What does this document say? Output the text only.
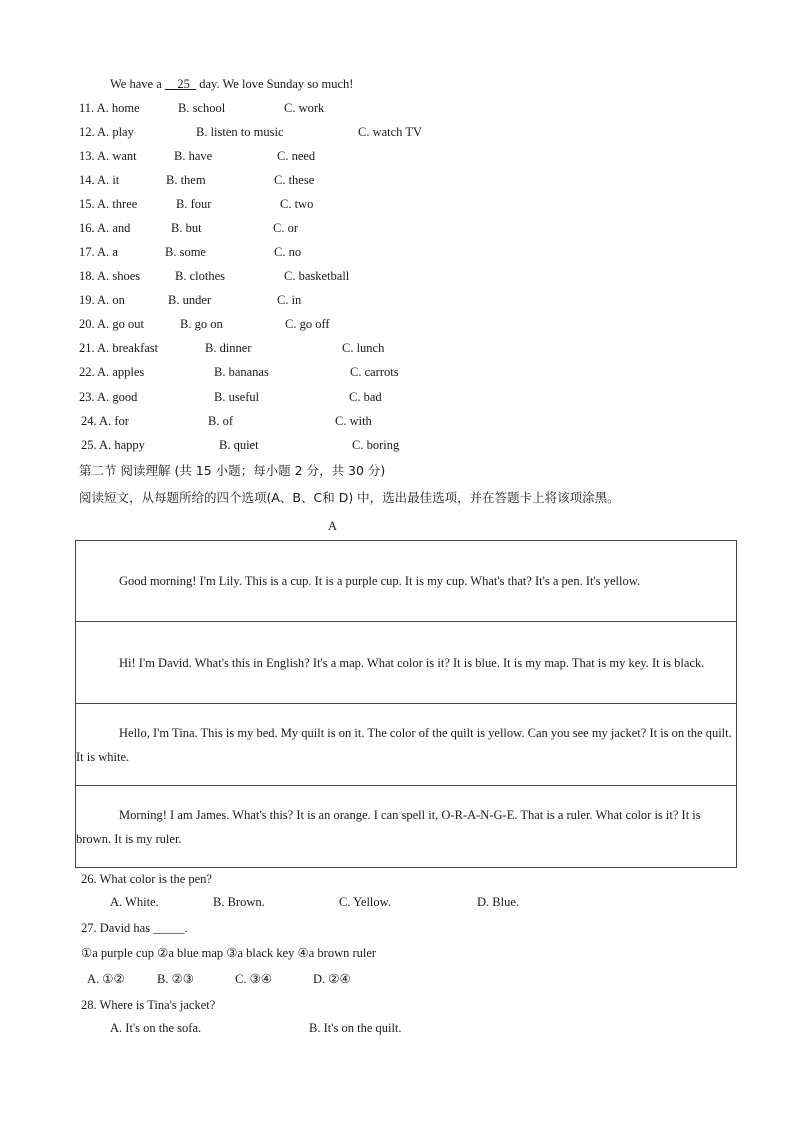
We have a __25_ day. We love Sunday so much!
11. A. home	B. school	C. work
12. A. play	B. listen to music	C. watch TV
13. A. want	B. have	C. need
14. A. it	B. them	C. these
15. A. three	B. four	C. two
16. A. and	B. but	C. or
17. A. a	B. some	C. no
18. A. shoes	B. clothes	C. basketball
19. A. on	B. under	C. in
20. A. go out	B. go on	C. go off
21. A. breakfast	B. dinner	C. lunch
22. A. apples	B. bananas	C. carrots
23. A. good	B. useful	C. bad
24. A. for	B. of	C. with
25. A. happy	B. quiet	C. boring
第二节 阅读理解 (共 15 小题；每小题 2 分，共 30 分)
阅读短文，从每题所给的四个选项(A、B、C和 D) 中，选出最佳选项，并在答题卡上将该项涂黑。
A
Good morning! I'm Lily. This is a cup. It is a purple cup. It is my cup. What's that? It's a pen. It's yellow.

Hi! I'm David. What's this in English? It's a map. What color is it? It is blue. It is my map. That is my key. It is black.

Hello, I'm Tina. This is my bed. My quilt is on it. The color of the quilt is yellow. Can you see my jacket? It is on the quilt. It is white.

Morning! I am James. What's this? It is an orange. I can spell it, O-R-A-N-G-E. That is a ruler. What color is it? It is brown. It is my ruler.
26. What color is the pen?
A. White.	B. Brown.	C. Yellow.	D. Blue.
27. David has _____.
①a purple cup ②a blue map ③a black key ④a brown ruler
A. ①②	B. ②③	C. ③④	D. ②④
28. Where is Tina's jacket?
A. It's on the sofa.	B. It's on the quilt.
